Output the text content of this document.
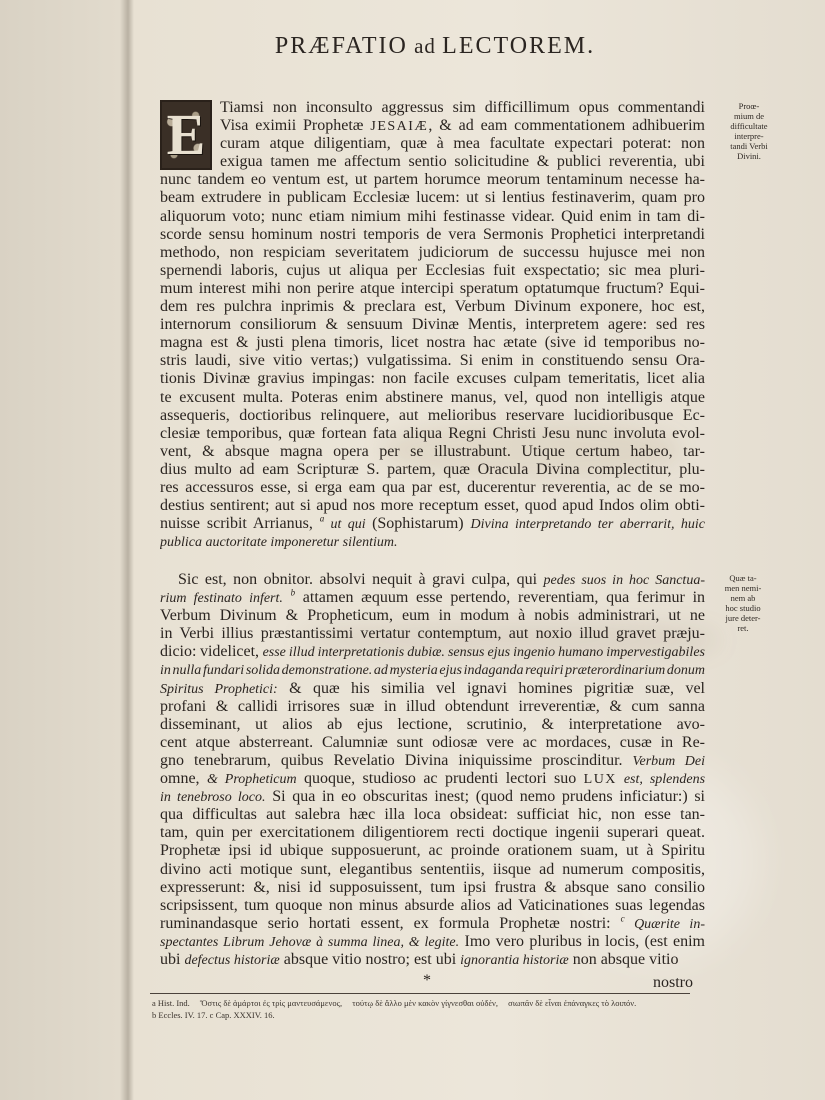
PRÆFATIO ad LECTOREM.
E Tiamsi non inconsulto aggressus sim difficillimum opus commentandi
Visa eximii Prophetæ JESAIÆ, & ad eam commentationem adhibuerim
curam atque diligentiam, quæ à mea facultate expectari poterat: non
exigua tamen me affectum sentio solicitudine & publici reverentia, ubi
nunc tandem eo ventum est, ut partem horumce meorum tentaminum necesse ha-
beam extrudere in publicam Ecclesiæ lucem: ut si lentius festinaverim, quam pro
aliquorum voto; nunc etiam nimium mihi festinasse videar. Quid enim in tam di-
scorde sensu hominum nostri temporis de vera Sermonis Prophetici interpretandi
methodo, non respiciam severitatem judiciorum de successu hujusce mei non
spernendi laboris, cujus ut aliqua per Ecclesias fuit exspectatio; sic mea pluri-
mum interest mihi non perire atque intercipi speratum optatumque fructum? Equi-
dem res pulchra inprimis & preclara est, Verbum Divinum exponere, hoc est,
internorum consiliorum & sensuum Divinæ Mentis, interpretem agere: sed res
magna est & justi plena timoris, licet nostra hac ætate (sive id temporibus no-
stris laudi, sive vitio vertas;) vulgatissima. Si enim in constituendo sensu Ora-
tionis Divinæ gravius impingas: non facile excuses culpam temeritatis, licet alia
te excusent multa. Poteras enim abstinere manus, vel, quod non intelligis atque
assequeris, doctioribus relinquere, aut melioribus reservare lucidioribusque Ec-
clesiæ temporibus, quæ fortean fata aliqua Regni Christi Jesu nunc involuta evol-
vent, & absque magna opera per se illustrabunt. Utique certum habeo, tar-
dius multo ad eam Scripturæ S. partem, quæ Oracula Divina complectitur, plu-
res accessuros esse, si erga eam qua par est, ducerentur reverentia, ac de se mo-
destius sentirent; aut si apud nos more receptum esset, quod apud Indos olim obti-
nuisse scribit Arrianus, $^a$ ut qui (Sophistarum) Divina interpretando ter aberrarit, huic
publica auctoritate imponeretur silentium.
Sic est, non obnitor. absolvi nequit à gravi culpa, qui pedes suos in hoc Sanctua-
rium festinato infert. $^b$ attamen æquum esse pertendo, reverentiam, qua ferimur in
Verbum Divinum & Propheticum, eum in modum à nobis administrari, ut ne
in Verbi illius præstantissimi vertatur contemptum, aut noxio illud gravet præju-
dicio: videlicet, esse illud interpretationis dubiæ. sensus ejus ingenio humano impervestigabiles
in nulla fundari solida demonstratione. ad mysteria ejus indaganda requiri præterordinarium donum
Spiritus Prophetici: & quæ his similia vel ignavi homines pigritiæ suæ, vel
profani & callidi irrisores suæ in illud obtendunt irreverentiæ, & cum sanna
disseminant, ut alios ab ejus lectione, scrutinio, & interpretatione avo-
cent atque absterreant. Calumniæ sunt odiosæ vere ac mordaces, cusæ in Re-
gno tenebrarum, quibus Revelatio Divina iniquissime proscinditur. Verbum Dei
omne, & Propheticum quoque, studioso ac prudenti lectori suo LUX est, splendens
in tenebroso loco. Si qua in eo obscuritas inest; (quod nemo prudens inficiatur:) si
qua difficultas aut salebra hæc illa loca obsideat: sufficiat hic, non esse tan-
tam, quin per exercitationem diligentiorem recti doctique ingenii superari queat.
Prophetæ ipsi id ubique supposuerunt, ac proinde orationem suam, ut à Spiritu
divino acti motique sunt, elegantibus sententiis, iisque ad numerum compositis,
expresserunt: &, nisi id supposuissent, tum ipsi frustra & absque sano consilio
scripsissent, tum quoque non minus absurde alios ad Vaticinationes suas legendas
ruminandasque serio hortati essent, ex formula Prophetæ nostri: $^c$ Quærite in-
spectantes Librum Jehovæ à summa linea, & legite. Imo vero pluribus in locis, (est enim
ubi defectus historiæ absque vitio nostro; est ubi ignorantia historiæ non absque vitio
Proœ-
mium de
difficultate
interpre-
tandi Verbi
Divini.
Quæ ta-
men nemi-
nem ab
hoc studio
jure deter-
ret.
*	nostro
a Hist. Ind. Ὅστις δὲ ἁμάρτοι ἐς τρὶς μαντευσάμενος, τούτῳ δὲ ἄλλο μὲν κακὸν γίγνεσθαι οὐδέν, σιωπᾶν δὲ εἶναι ἐπάναγκες τὸ λοιπόν.
b Eccles. IV. 17. c Cap. XXXIV. 16.
